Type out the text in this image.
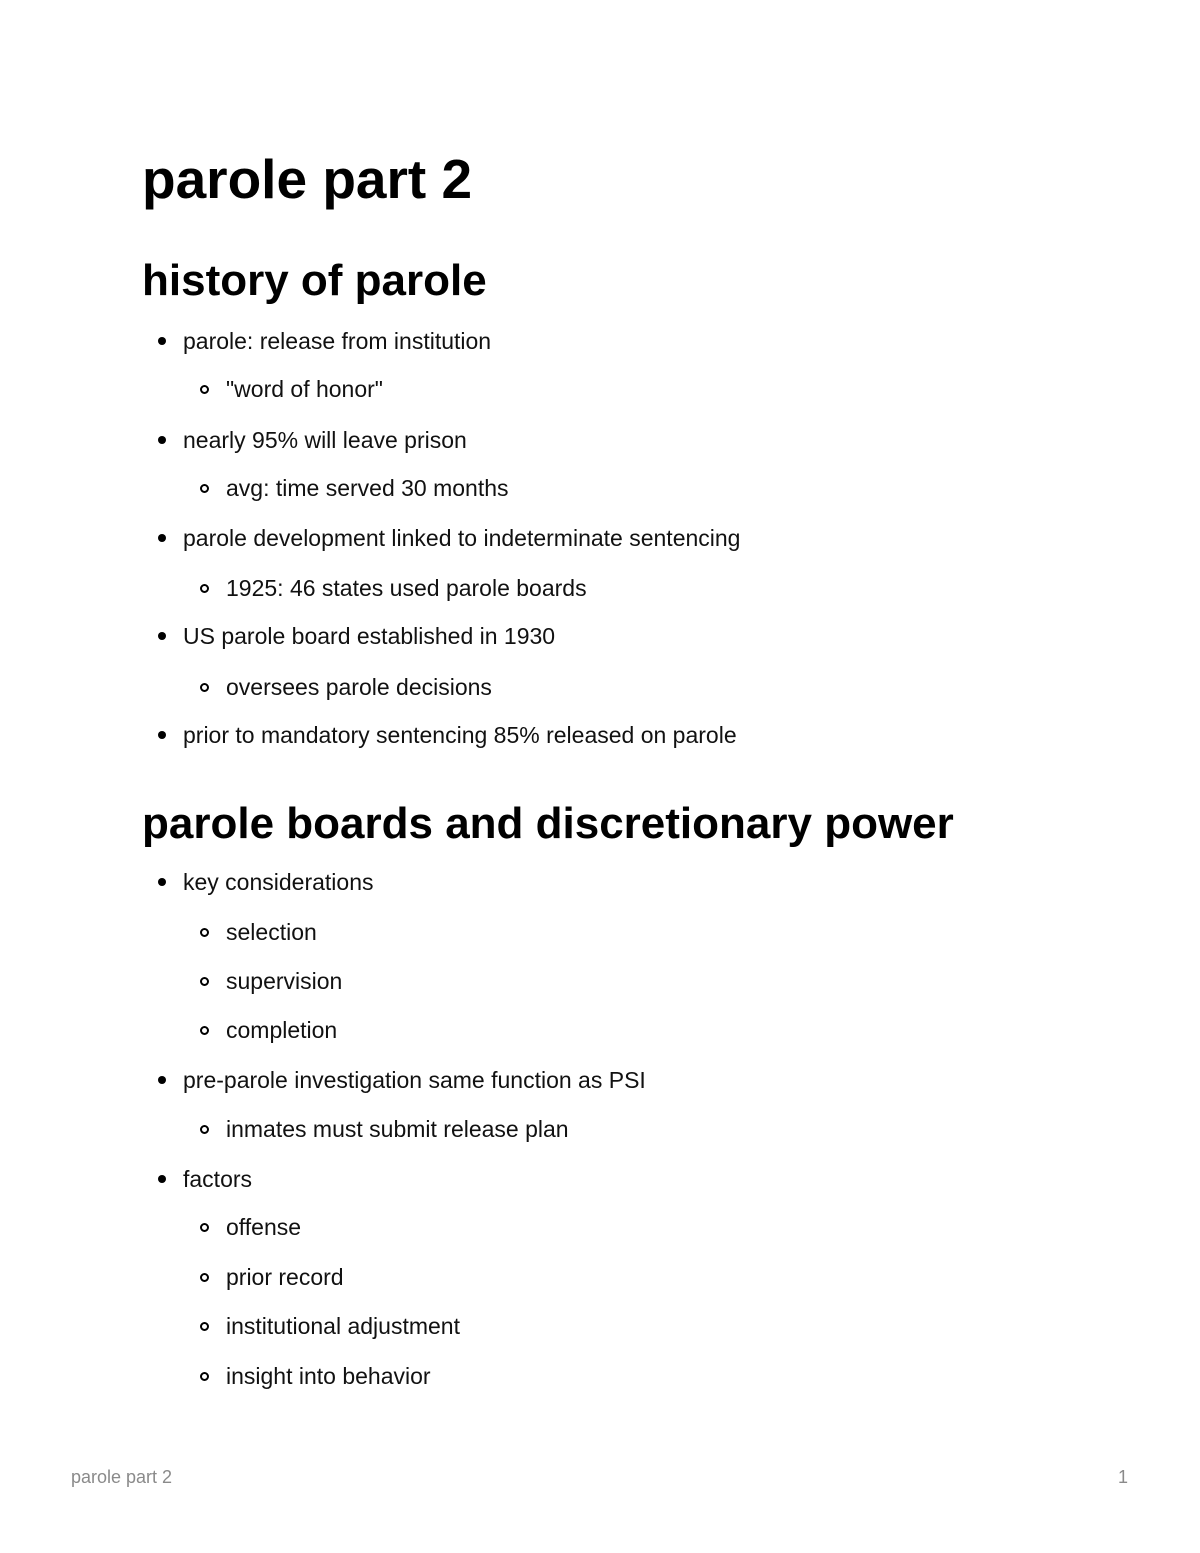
parole part 2
history of parole
parole: release from institution
"word of honor"
nearly 95% will leave prison
avg: time served 30 months
parole development linked to indeterminate sentencing
1925: 46 states used parole boards
US parole board established in 1930
oversees parole decisions
prior to mandatory sentencing 85% released on parole
parole boards and discretionary power
key considerations
selection
supervision
completion
pre-parole investigation same function as PSI
inmates must submit release plan
factors
offense
prior record
institutional adjustment
insight into behavior
parole part 2	1
